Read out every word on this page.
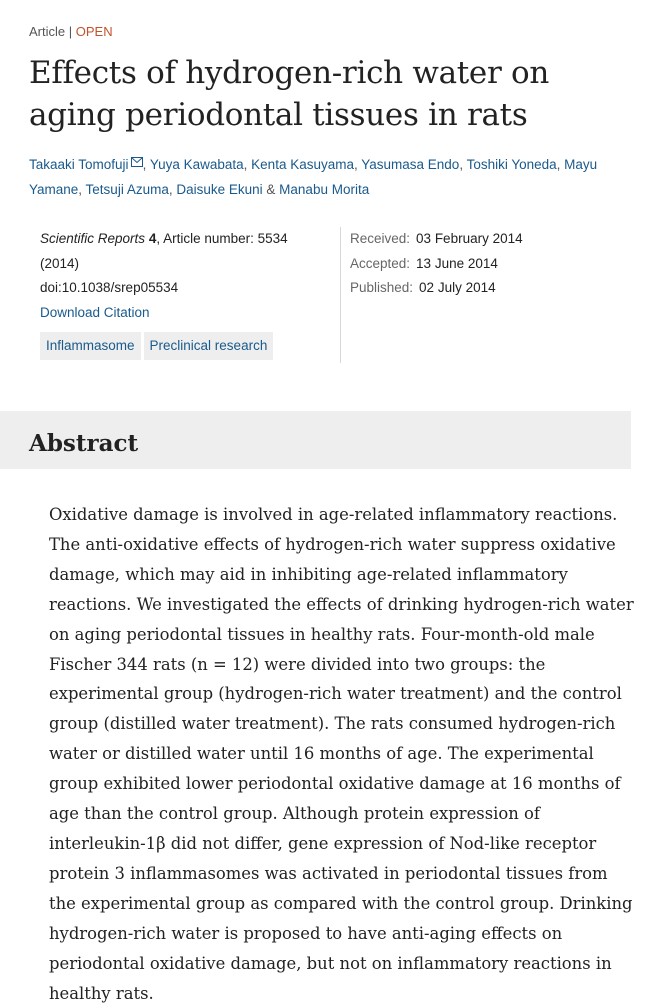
Article | OPEN
Effects of hydrogen-rich water on aging periodontal tissues in rats
Takaaki Tomofuji , Yuya Kawabata, Kenta Kasuyama, Yasumasa Endo, Toshiki Yoneda, Mayu Yamane, Tetsuji Azuma, Daisuke Ekuni & Manabu Morita
Scientific Reports 4, Article number: 5534
(2014)
doi:10.1038/srep05534
Download Citation
Inflammasome	Preclinical research
Received: 03 February 2014
Accepted: 13 June 2014
Published: 02 July 2014
Abstract

Oxidative damage is involved in age-related inflammatory reactions. The anti-oxidative effects of hydrogen-rich water suppress oxidative damage, which may aid in inhibiting age-related inflammatory reactions. We investigated the effects of drinking hydrogen-rich water on aging periodontal tissues in healthy rats. Four-month-old male Fischer 344 rats (n = 12) were divided into two groups: the experimental group (hydrogen-rich water treatment) and the control group (distilled water treatment). The rats consumed hydrogen-rich water or distilled water until 16 months of age. The experimental group exhibited lower periodontal oxidative damage at 16 months of age than the control group. Although protein expression of interleukin-1β did not differ, gene expression of Nod-like receptor protein 3 inflammasomes was activated in periodontal tissues from the experimental group as compared with the control group. Drinking hydrogen-rich water is proposed to have anti-aging effects on periodontal oxidative damage, but not on inflammatory reactions in healthy rats.
